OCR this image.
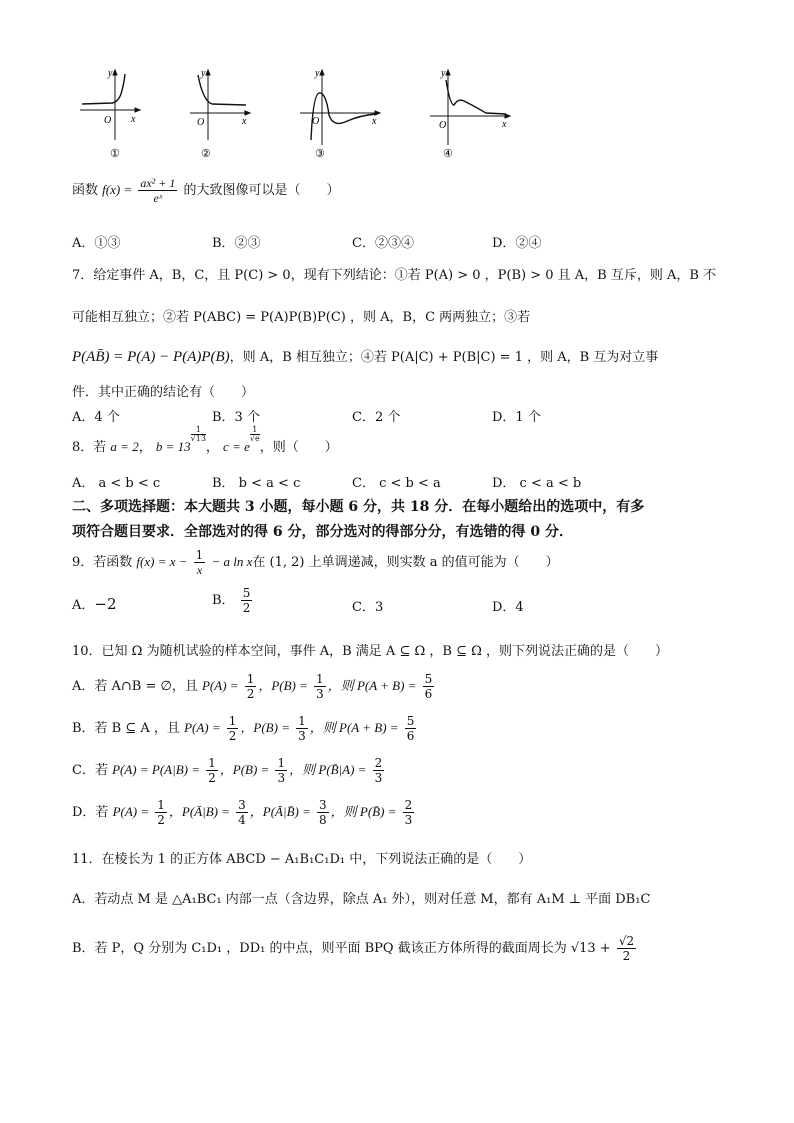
y
O x
①
y
O	x
②
y
O	x
③
y
O	x
④
函数 $f(x) = \frac{\text{ax² + 1}}{\text{eˣ}}$ 的大致图像可以是（　　）
A．①③	B．②③	C．②③④	D．②④
7．给定事件 A，B，C，且 P(C) > 0，现有下列结论：①若 P(A) > 0 ，P(B) > 0 且 A，B 互斥，则 A，B 不
可能相互独立；②若 P(ABC) = P(A)P(B)P(C) ，则 A，B，C 两两独立；③若
P(AB̄) = P(A) − P(A)P(B)，则 A，B 相互独立；④若 P(A|C) + P(B|C) = 1 ，则 A，B 互为对立事
件．其中正确的结论有（　　）
A．4 个	B．3 个	C．2 个	D．1 个
8．若 a = 2， b = 13
$\frac{1}{√13}$
， c = e
$\frac{1}{√e}$
，则（　　）
A． a < b < c	B． b < a < c	C． c < b < a	D． c < a < b
二、多项选择题：本大题共 3 小题，每小题 6 分，共 18 分．在每小题给出的选项中，有多
项符合题目要求．全部选对的得 6 分，部分选对的得部分分，有选错的得 0 分．
9．若函数 $f(x) = x - \frac{1}{x} - a$ ln x在 (1, 2) 上单调递减，则实数 a 的值可能为（　　）
A．−2	B． $\frac{5}{2}$	C．3	D．4
10．已知 Ω 为随机试验的样本空间，事件 A，B 满足 A ⊆ Ω ，B ⊆ Ω ，则下列说法正确的是（　　）
A．若 A∩B = ∅，且 $P(A) = \frac{1}{2}$ ，$P(B) = \frac{1}{3}$ ，则 $P(A + B) = \frac{5}{6}$
B．若 B ⊆ A ，且 $P(A) = \frac{1}{2}$ ，$P(B) = \frac{1}{3}$ ，则 $P(A + B) = \frac{5}{6}$
C．若 $P(A) = P(A|B) = \frac{1}{2}$ ，$P(B) = \frac{1}{3}$ ，则 P(B̄|A) = $\frac{2}{3}$
D．若 $P(A) = \frac{1}{2}$ ，P(Ā|B) = $\frac{3}{4}$ ，P(Ā|B̄) = $\frac{3}{8}$ ，则 P(B̄) = $\frac{2}{3}$
11．在棱长为 1 的正方体 ABCD − A₁B₁C₁D₁ 中，下列说法正确的是（　　）
A．若动点 M 是 △A₁BC₁ 内部一点（含边界，除点 A₁ 外），则对任意 M，都有 A₁M ⊥ 平面 DB₁C
B．若 P，Q 分别为 C₁D₁ ，DD₁ 的中点，则平面 BPQ 截该正方体所得的截面周长为 $√13 + \frac{√2}{2}$
